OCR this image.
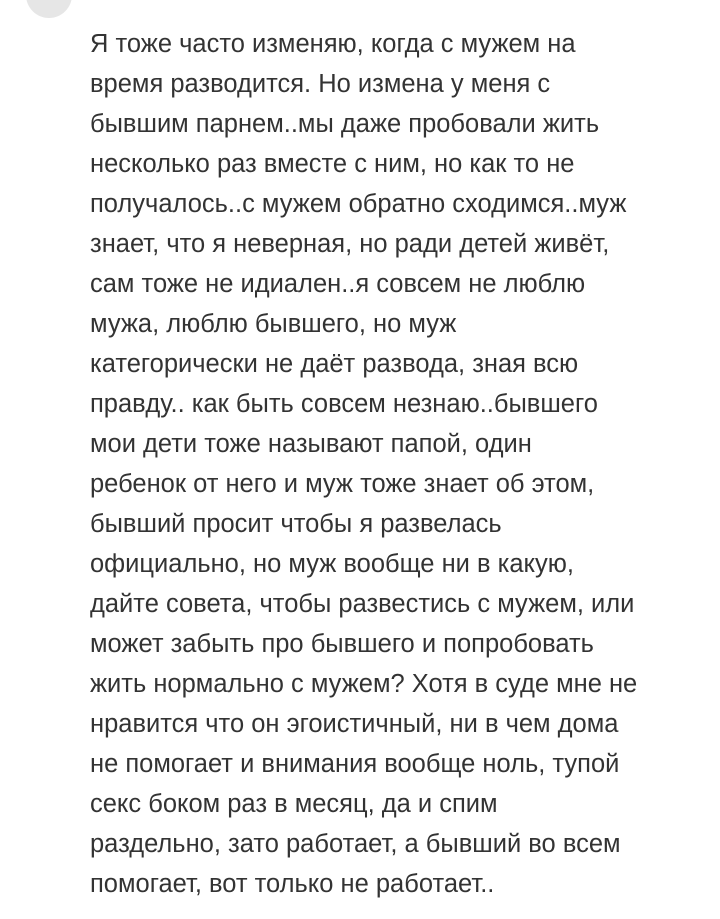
Я тоже часто изменяю, когда с мужем на
время разводится. Но измена у меня с
бывшим парнем..мы даже пробовали жить
несколько раз вместе с ним, но как то не
получалось..с мужем обратно сходимся..муж
знает, что я неверная, но ради детей живёт,
сам тоже не идиален..я совсем не люблю
мужа, люблю бывшего, но муж
категорически не даёт развода, зная всю
правду.. как быть совсем незнаю..бывшего
мои дети тоже называют папой, один
ребенок от него и муж тоже знает об этом,
бывший просит чтобы я развелась
официально, но муж вообще ни в какую,
дайте совета, чтобы развестись с мужем, или
может забыть про бывшего и попробовать
жить нормально с мужем? Хотя в суде мне не
нравится что он эгоистичный, ни в чем дома
не помогает и внимания вообще ноль, тупой
секс боком раз в месяц, да и спим
раздельно, зато работает, а бывший во всем
помогает, вот только не работает..
